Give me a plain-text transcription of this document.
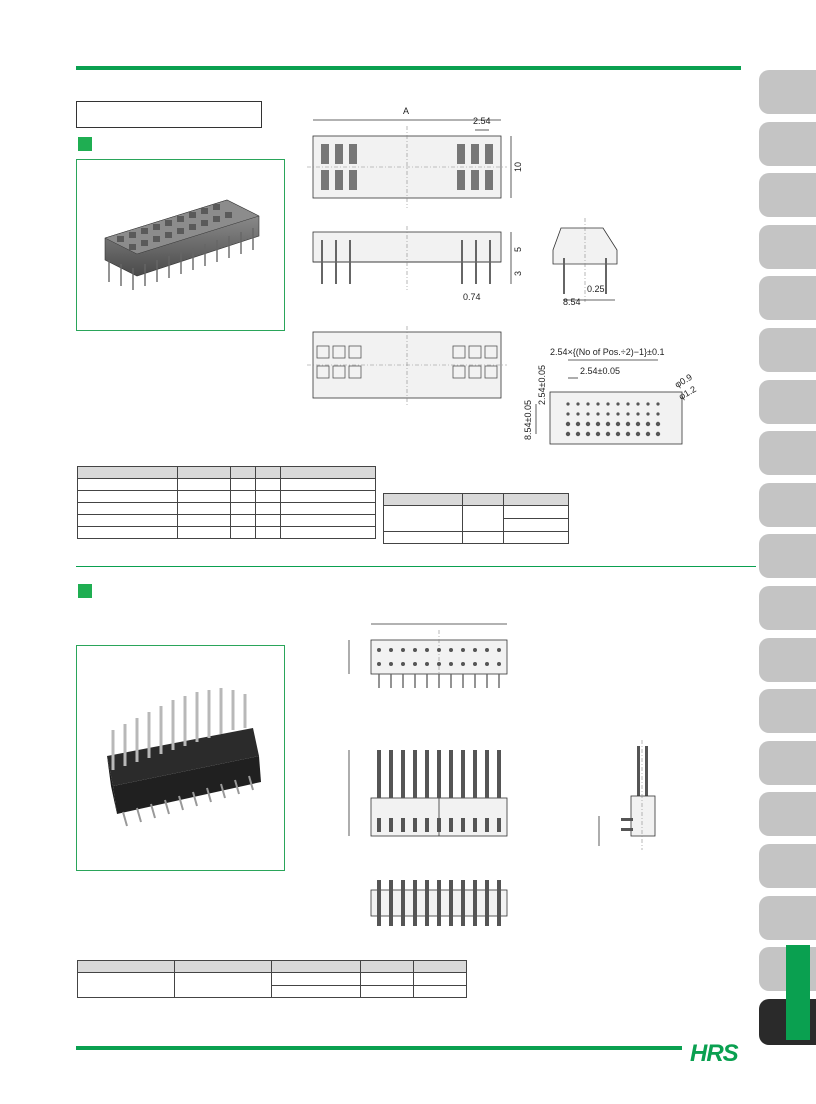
HRS
A
2.54
10
5
3
0.74
0.25
8.54
2.54×{(No of Pos.÷2)−1}±0.1
2.54±0.05
2.54±0.05
8.54±0.05
φ0.9
φ1.2
